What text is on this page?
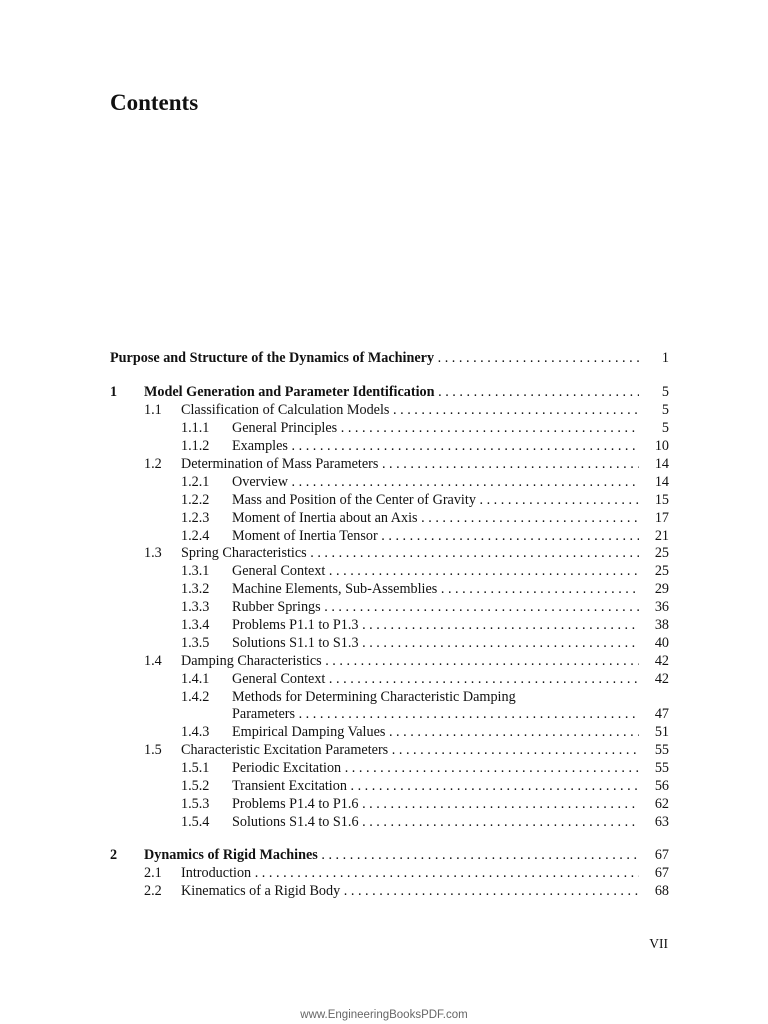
Contents
Purpose and Structure of the Dynamics of Machinery . . .	1
1 Model Generation and Parameter Identification . . .	5
1.1 Classification of Calculation Models . . .	5
1.1.1 General Principles . . .	5
1.1.2 Examples . . .	10
1.2 Determination of Mass Parameters . . .	14
1.2.1 Overview . . .	14
1.2.2 Mass and Position of the Center of Gravity . . .	15
1.2.3 Moment of Inertia about an Axis . . .	17
1.2.4 Moment of Inertia Tensor . . .	21
1.3 Spring Characteristics . . .	25
1.3.1 General Context . . .	25
1.3.2 Machine Elements, Sub-Assemblies . . .	29
1.3.3 Rubber Springs . . .	36
1.3.4 Problems P1.1 to P1.3 . . .	38
1.3.5 Solutions S1.1 to S1.3 . . .	40
1.4 Damping Characteristics . . .	42
1.4.1 General Context . . .	42
1.4.2 Methods for Determining Characteristic Damping
Parameters . . .	47
1.4.3 Empirical Damping Values . . .	51
1.5 Characteristic Excitation Parameters . . .	55
1.5.1 Periodic Excitation . . .	55
1.5.2 Transient Excitation . . .	56
1.5.3 Problems P1.4 to P1.6 . . .	62
1.5.4 Solutions S1.4 to S1.6 . . .	63
2 Dynamics of Rigid Machines . . .	67
2.1 Introduction . . .	67
2.2 Kinematics of a Rigid Body . . .	68
VII
www.EngineeringBooksPDF.com
